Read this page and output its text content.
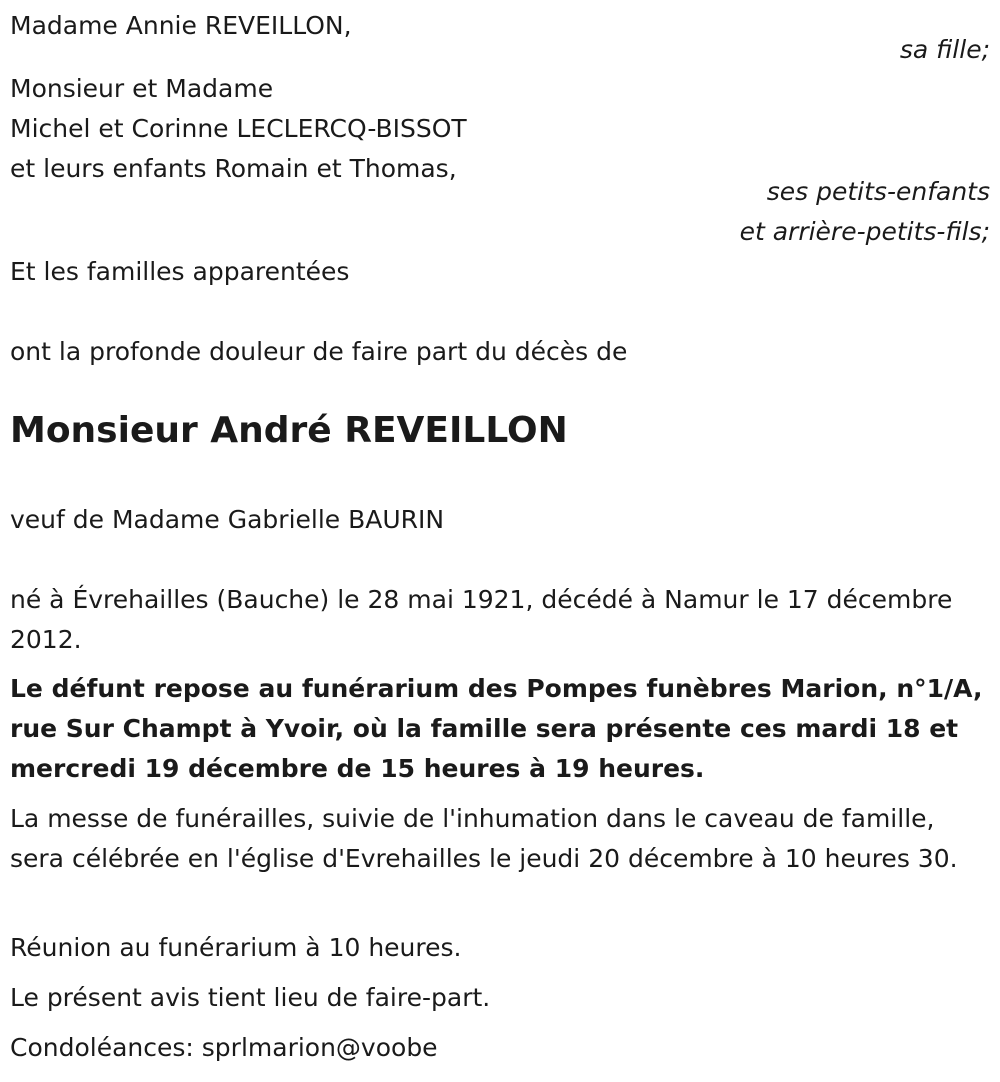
Madame Annie REVEILLON,
sa fille;
Monsieur et Madame
Michel et Corinne LECLERCQ-BISSOT
et leurs enfants Romain et Thomas,
ses petits-enfants
et arrière-petits-fils;
Et les familles apparentées
ont la profonde douleur de faire part du décès de
Monsieur André REVEILLON
veuf de Madame Gabrielle BAURIN
né à Évrehailles (Bauche) le 28 mai 1921, décédé à Namur le 17 décembre 2012.
Le défunt repose au funérarium des Pompes funèbres Marion, n°1/A, rue Sur Champt à Yvoir, où la famille sera présente ces mardi 18 et mercredi 19 décembre de 15 heures à 19 heures.
La messe de funérailles, suivie de l'inhumation dans le caveau de famille, sera célébrée en l'église d'Evrehailles le jeudi 20 décembre à 10 heures 30.
Réunion au funérarium à 10 heures.
Le présent avis tient lieu de faire-part.
Condoléances: sprlmarion@voobe
